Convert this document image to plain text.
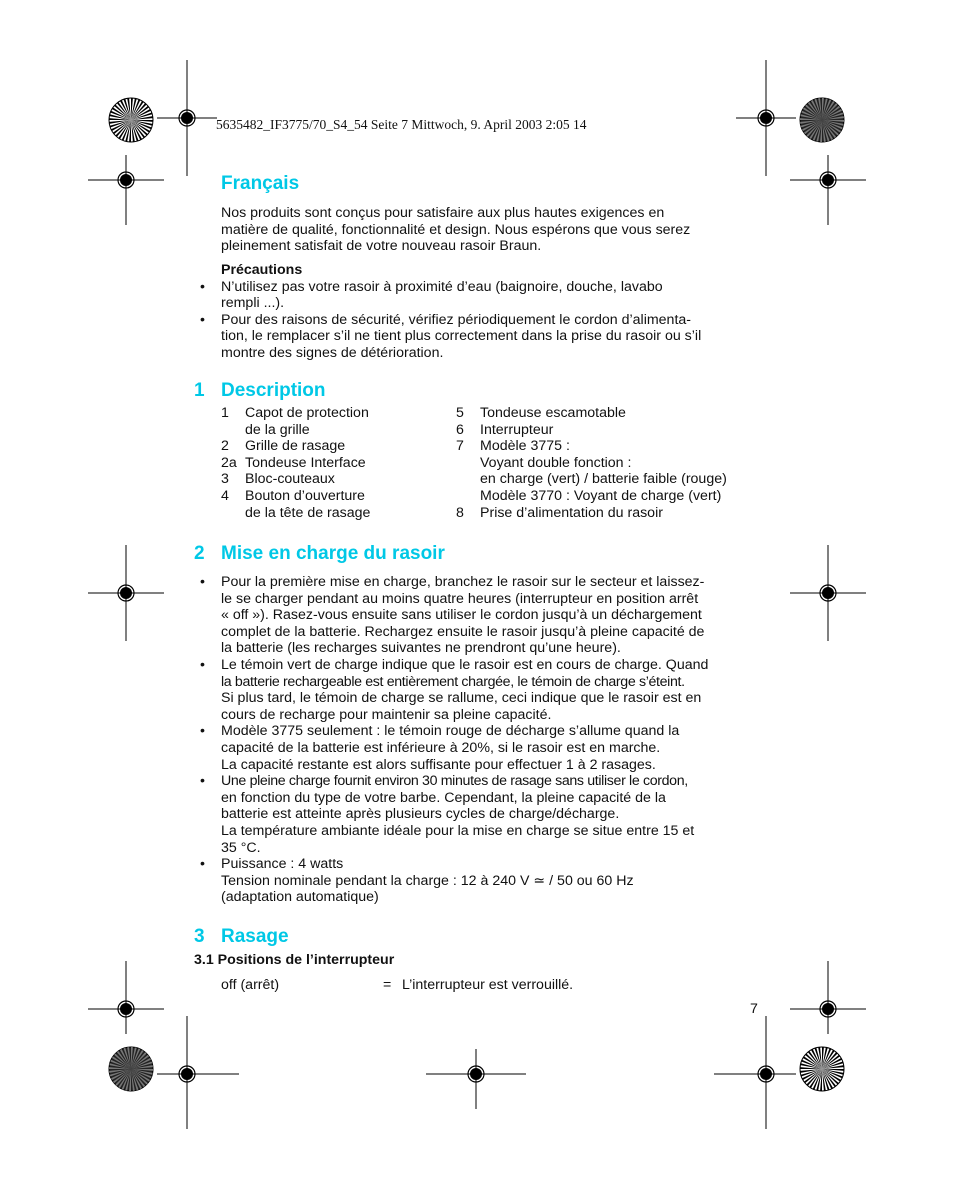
5635482_IF3775/70_S4_54 Seite 7 Mittwoch, 9. April 2003 2:05 14
Français
Nos produits sont conçus pour satisfaire aux plus hautes exigences en
matière de qualité, fonctionnalité et design. Nous espérons que vous serez
pleinement satisfait de votre nouveau rasoir Braun.
Précautions
• N’utilisez pas votre rasoir à proximité d’eau (baignoire, douche, lavabo
rempli ...).
• Pour des raisons de sécurité, vérifiez périodiquement le cordon d’alimenta-
tion, le remplacer s’il ne tient plus correctement dans la prise du rasoir ou s’il
montre des signes de détérioration.
1 Description
1 Capot de protection
de la grille
2 Grille de rasage
2a Tondeuse Interface
3 Bloc-couteaux
4 Bouton d’ouverture
de la tête de rasage
5 Tondeuse escamotable
6 Interrupteur
7 Modèle 3775 :
Voyant double fonction :
en charge (vert) / batterie faible (rouge)
Modèle 3770 : Voyant de charge (vert)
8 Prise d’alimentation du rasoir
2 Mise en charge du rasoir
• Pour la première mise en charge, branchez le rasoir sur le secteur et laissez-
le se charger pendant au moins quatre heures (interrupteur en position arrêt
« off »). Rasez-vous ensuite sans utiliser le cordon jusqu’à un déchargement
complet de la batterie. Rechargez ensuite le rasoir jusqu’à pleine capacité de
la batterie (les recharges suivantes ne prendront qu’une heure).
• Le témoin vert de charge indique que le rasoir est en cours de charge. Quand
la batterie rechargeable est entièrement chargée, le témoin de charge s’éteint.
Si plus tard, le témoin de charge se rallume, ceci indique que le rasoir est en
cours de recharge pour maintenir sa pleine capacité.
• Modèle 3775 seulement : le témoin rouge de décharge s’allume quand la
capacité de la batterie est inférieure à 20%, si le rasoir est en marche.
La capacité restante est alors suffisante pour effectuer 1 à 2 rasages.
• Une pleine charge fournit environ 30 minutes de rasage sans utiliser le cordon,
en fonction du type de votre barbe. Cependant, la pleine capacité de la
batterie est atteinte après plusieurs cycles de charge/décharge.
La température ambiante idéale pour la mise en charge se situe entre 15 et
35 °C.
• Puissance : 4 watts
Tension nominale pendant la charge : 12 à 240 V ≃ / 50 ou 60 Hz
(adaptation automatique)
3 Rasage
3.1 Positions de l’interrupteur
off (arrêt)	= L’interrupteur est verrouillé.
7
